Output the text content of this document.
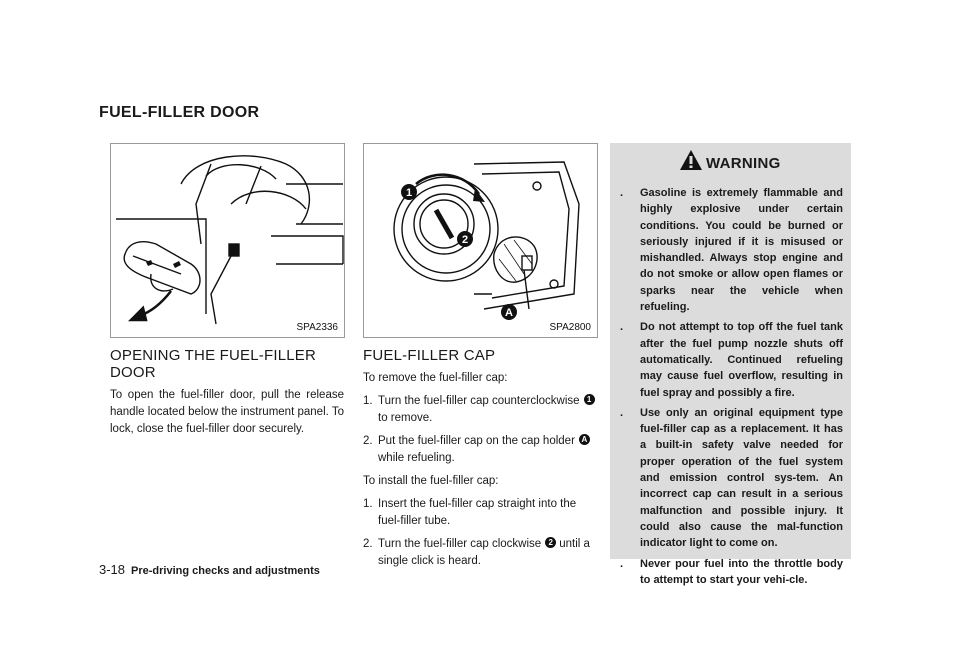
FUEL-FILLER DOOR
SPA2336
1
2
A
SPA2800
OPENING THE FUEL-FILLER DOOR

To open the fuel-filler door, pull the release handle located below the instrument panel. To lock, close the fuel-filler door securely.

FUEL-FILLER CAP

To remove the fuel-filler cap:

1. Turn the fuel-filler cap counterclockwise 1to remove.
2. Put the fuel-filler cap on the cap holder Awhile refueling.

To install the fuel-filler cap:

1. Insert the fuel-filler cap straight into the fuel-filler tube.
2. Turn the fuel-filler cap clockwise 2 until a single click is heard.
WARNING
. Gasoline is extremely flammable and highly explosive under certain conditions. You could be burned or seriously injured if it is misused or mishandled. Always stop engine and do not smoke or allow open flames or sparks near the vehicle when refueling.
. Do not attempt to top off the fuel tank after the fuel pump nozzle shuts off automatically. Continued refueling may cause fuel overflow, resulting in fuel spray and possibly a fire.
. Use only an original equipment type fuel-filler cap as a replacement. It has a built-in safety valve needed for proper operation of the fuel system and emission control sys-tem. An incorrect cap can result in a serious malfunction and possible injury. It could also cause the mal-function indicator light to come on.
. Never pour fuel into the throttle body to attempt to start your vehi-cle.
3-18 Pre-driving checks and adjustments
